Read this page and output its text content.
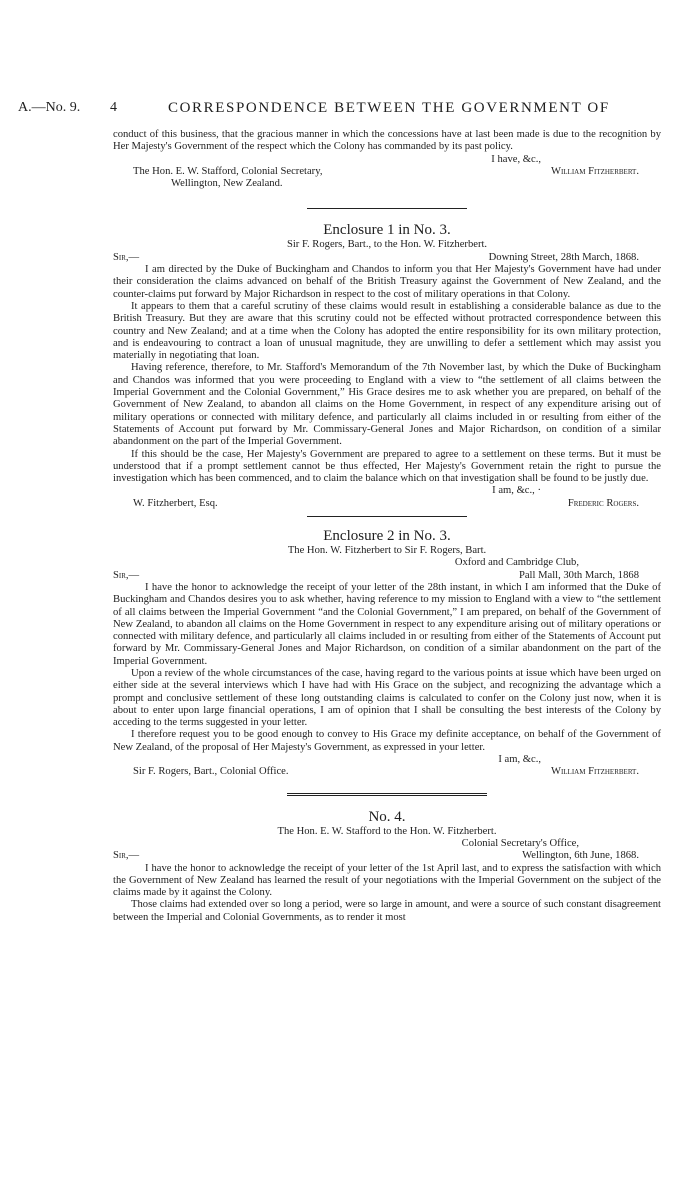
A.—No. 9. 4	CORRESPONDENCE BETWEEN THE GOVERNMENT OF

conduct of this business, that the gracious manner in which the concessions have at last been made is due to the recognition by Her Majesty's Government of the respect which the Colony has commanded by its past policy.

I have, &c.,
The Hon. E. W. Stafford, Colonial Secretary,	William Fitzherbert.
Wellington, New Zealand.
Enclosure 1 in No. 3.
Sir F. Rogers, Bart., to the Hon. W. Fitzherbert.
Sir,—	Downing Street, 28th March, 1868.

I am directed by the Duke of Buckingham and Chandos to inform you that Her Majesty's Government have had under their consideration the claims advanced on behalf of the British Treasury against the Government of New Zealand, and the counter-claims put forward by Major Richardson in respect to the cost of military operations in that Colony.

It appears to them that a careful scrutiny of these claims would result in establishing a considerable balance as due to the British Treasury. But they are aware that this scrutiny could not be effected without protracted correspondence between this country and New Zealand; and at a time when the Colony has adopted the entire responsibility for its own military protection, and is endeavouring to contract a loan of unusual magnitude, they are unwilling to defer a settlement which may assist you materially in negotiating that loan.

Having reference, therefore, to Mr. Stafford's Memorandum of the 7th November last, by which the Duke of Buckingham and Chandos was informed that you were proceeding to England with a view to “the settlement of all claims between the Imperial Government and the Colonial Government,” His Grace desires me to ask whether you are prepared, on behalf of the Government of New Zealand, to abandon all claims on the Home Government, in respect of any expenditure arising out of military operations or connected with military defence, and particularly all claims included in or resulting from either of the Statements of Account put forward by Mr. Commissary-General Jones and Major Richardson, on condition of a similar abandonment on the part of the Imperial Government.

If this should be the case, Her Majesty's Government are prepared to agree to a settlement on these terms. But it must be understood that if a prompt settlement cannot be thus effected, Her Majesty's Government retain the right to pursue the investigation which has been commenced, and to claim the balance which on that investigation shall be found to be justly due.

I am, &c., ·
W. Fitzherbert, Esq.	Frederic Rogers.
Enclosure 2 in No. 3.
The Hon. W. Fitzherbert to Sir F. Rogers, Bart.
Oxford and Cambridge Club,
Sir,—	Pall Mall, 30th March, 1868

I have the honor to acknowledge the receipt of your letter of the 28th instant, in which I am informed that the Duke of Buckingham and Chandos desires you to ask whether, having reference to my mission to England with a view to “the settlement of all claims between the Imperial Government “and the Colonial Government,” I am prepared, on behalf of the Government of New Zealand, to abandon all claims on the Home Government in respect to any expenditure arising out of military operations or connected with military defence, and particularly all claims included in or resulting from either of the Statements of Account put forward by Mr. Commissary-General Jones and Major Richardson, on condition of a similar abandonment on the part of the Imperial Government.

Upon a review of the whole circumstances of the case, having regard to the various points at issue which have been urged on either side at the several interviews which I have had with His Grace on the subject, and recognizing the advantage which a prompt and conclusive settlement of these long outstanding claims is calculated to confer on the Colony just now, when it is about to enter upon large financial operations, I am of opinion that I shall be consulting the best interests of the Colony by acceding to the terms suggested in your letter.

I therefore request you to be good enough to convey to His Grace my definite acceptance, on behalf of the Government of New Zealand, of the proposal of Her Majesty's Government, as expressed in your letter.

I am, &c.,
Sir F. Rogers, Bart., Colonial Office.	William Fitzherbert.
No. 4.
The Hon. E. W. Stafford to the Hon. W. Fitzherbert.
Colonial Secretary's Office,
Sir,—	Wellington, 6th June, 1868.

I have the honor to acknowledge the receipt of your letter of the 1st April last, and to express the satisfaction with which the Government of New Zealand has learned the result of your negotiations with the Imperial Government on the subject of the claims made by it against the Colony.

Those claims had extended over so long a period, were so large in amount, and were a source of such constant disagreement between the Imperial and Colonial Governments, as to render it most
